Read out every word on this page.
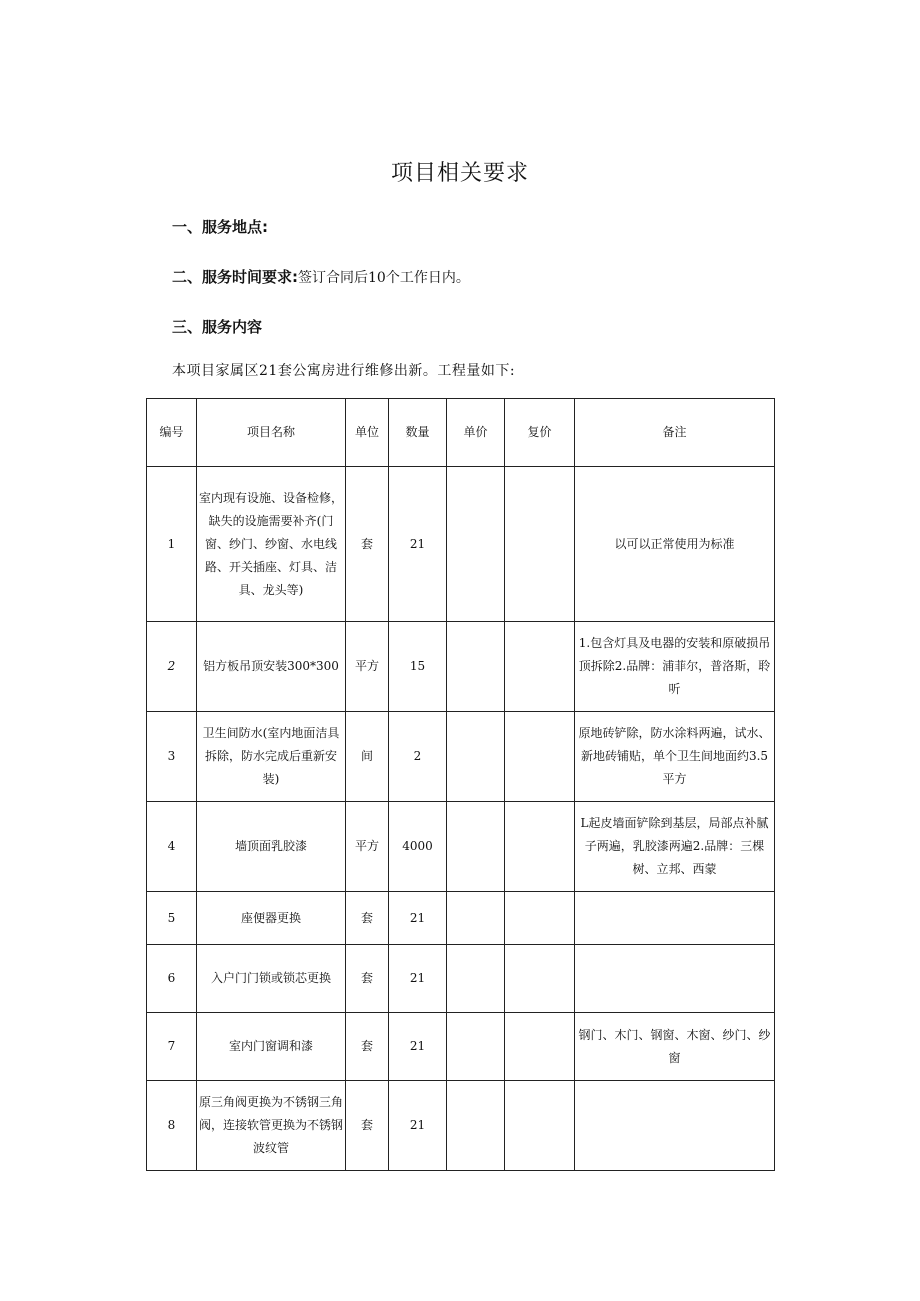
项目相关要求
一、服务地点:
二、服务时间要求:签订合同后10个工作日内。
三、服务内容
本项目家属区21套公寓房进行维修出新。工程量如下:
编号	项目名称	单位	数量	单价	复价	备注
1	室内现有设施、设备检修，缺失的设施需要补齐(门窗、纱门、纱窗、水电线路、开关插座、灯具、洁具、龙头等)	套	21			以可以正常使用为标准
2	铝方板吊顶安装300*300	平方	15			1.包含灯具及电器的安装和原破损吊顶拆除2.品牌：浦菲尔，普洛斯，聆听
3	卫生间防水(室内地面洁具拆除，防水完成后重新安装)	间	2			原地砖铲除，防水涂料两遍，试水、新地砖铺贴，单个卫生间地面约3.5平方
4	墙顶面乳胶漆	平方	4000			L起皮墙面铲除到基层，局部点补腻子两遍，乳胶漆两遍2.品牌：三棵树、立邦、西蒙
5	座便器更换	套	21			
6	入户门门锁或锁芯更换	套	21			
7	室内门窗调和漆	套	21			钢门、木门、钢窗、木窗、纱门、纱窗
8	原三角阀更换为不锈钢三角阀，连接软管更换为不锈钢波纹管	套	21			
